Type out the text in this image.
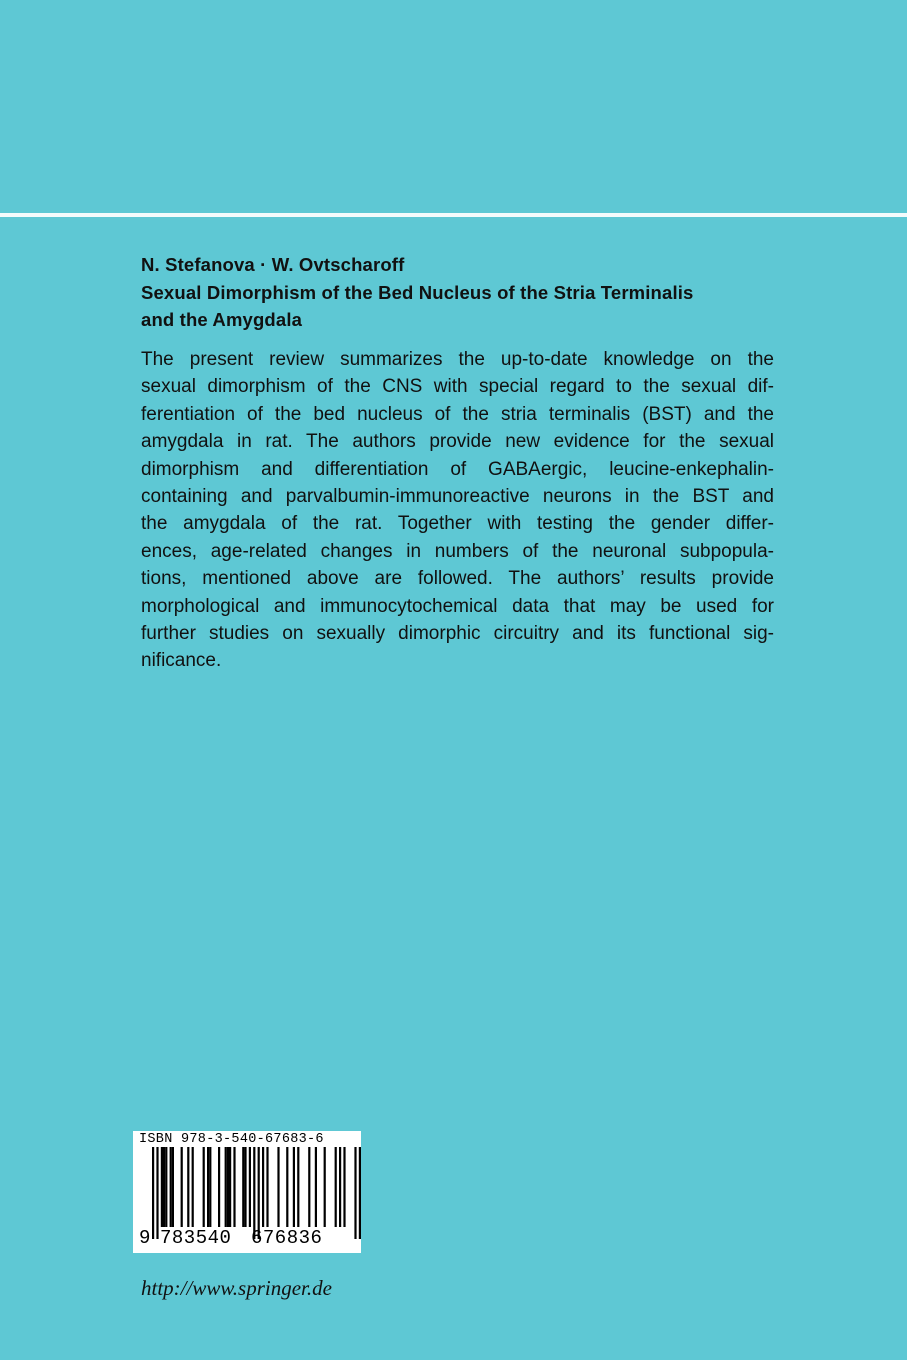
N. Stefanova · W. Ovtscharoff
Sexual Dimorphism of the Bed Nucleus of the Stria Terminalis
and the Amygdala
The present review summarizes the up-to-date knowledge on the
sexual dimorphism of the CNS with special regard to the sexual dif-
ferentiation of the bed nucleus of the stria terminalis (BST) and the
amygdala in rat. The authors provide new evidence for the sexual
dimorphism and differentiation of GABAergic, leucine-enkephalin-
containing and parvalbumin-immunoreactive neurons in the BST and
the amygdala of the rat. Together with testing the gender differ-
ences, age-related changes in numbers of the neuronal subpopula-
tions, mentioned above are followed. The authors’ results provide
morphological and immunocytochemical data that may be used for
further studies on sexually dimorphic circuitry and its functional sig-
nificance.
ISBN 978-3-540-67683-6
9 783540 676836
http://www.springer.de
